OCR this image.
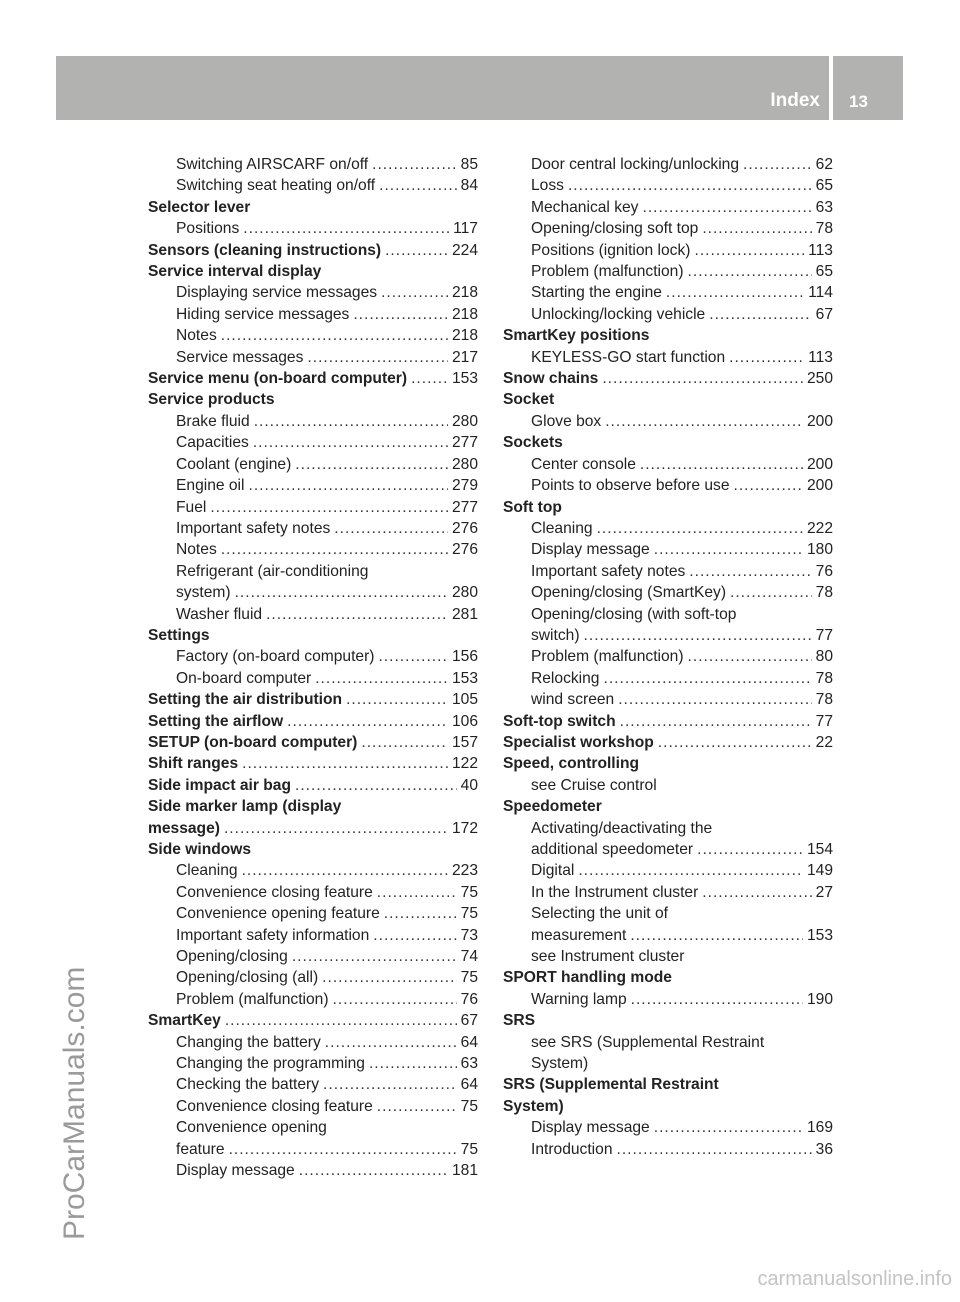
Index 13
Switching AIRSCARF on/off .....	85
Switching seat heating on/off .....	84
Selector lever
Positions .....	117
Sensors (cleaning instructions) .....	224
Service interval display
Displaying service messages .....	218
Hiding service messages .....	218
Notes .....	218
Service messages .....	217
Service menu (on-board computer) .....	153
Service products
Brake fluid .....	280
Capacities .....	277
Coolant (engine) .....	280
Engine oil .....	279
Fuel .....	277
Important safety notes .....	276
Notes .....	276
Refrigerant (air-conditioning
system) .....	280
Washer fluid .....	281
Settings
Factory (on-board computer) .....	156
On-board computer .....	153
Setting the air distribution .....	105
Setting the airflow .....	106
SETUP (on-board computer) .....	157
Shift ranges .....	122
Side impact air bag .....	40
Side marker lamp (display
message) .....	172
Side windows
Cleaning .....	223
Convenience closing feature .....	75
Convenience opening feature .....	75
Important safety information .....	73
Opening/closing .....	74
Opening/closing (all) .....	75
Problem (malfunction) .....	76
SmartKey .....	67
Changing the battery .....	64
Changing the programming .....	63
Checking the battery .....	64
Convenience closing feature .....	75
Convenience opening
feature .....	75
Display message .....	181
Door central locking/unlocking .....	62
Loss .....	65
Mechanical key .....	63
Opening/closing soft top .....	78
Positions (ignition lock) .....	113
Problem (malfunction) .....	65
Starting the engine .....	114
Unlocking/locking vehicle .....	67
SmartKey positions
KEYLESS-GO start function .....	113
Snow chains .....	250
Socket
Glove box .....	200
Sockets
Center console .....	200
Points to observe before use .....	200
Soft top
Cleaning .....	222
Display message .....	180
Important safety notes .....	76
Opening/closing (SmartKey) .....	78
Opening/closing (with soft-top
switch) .....	77
Problem (malfunction) .....	80
Relocking .....	78
wind screen .....	78
Soft-top switch .....	77
Specialist workshop .....	22
Speed, controlling
see Cruise control
Speedometer
Activating/deactivating the
additional speedometer .....	154
Digital .....	149
In the Instrument cluster .....	27
Selecting the unit of
measurement .....	153
see Instrument cluster
SPORT handling mode
Warning lamp .....	190
SRS
see SRS (Supplemental Restraint
System)
SRS (Supplemental Restraint
System)
Display message .....	169
Introduction .....	36
ProCarManuals.com
carmanualsonline.info
